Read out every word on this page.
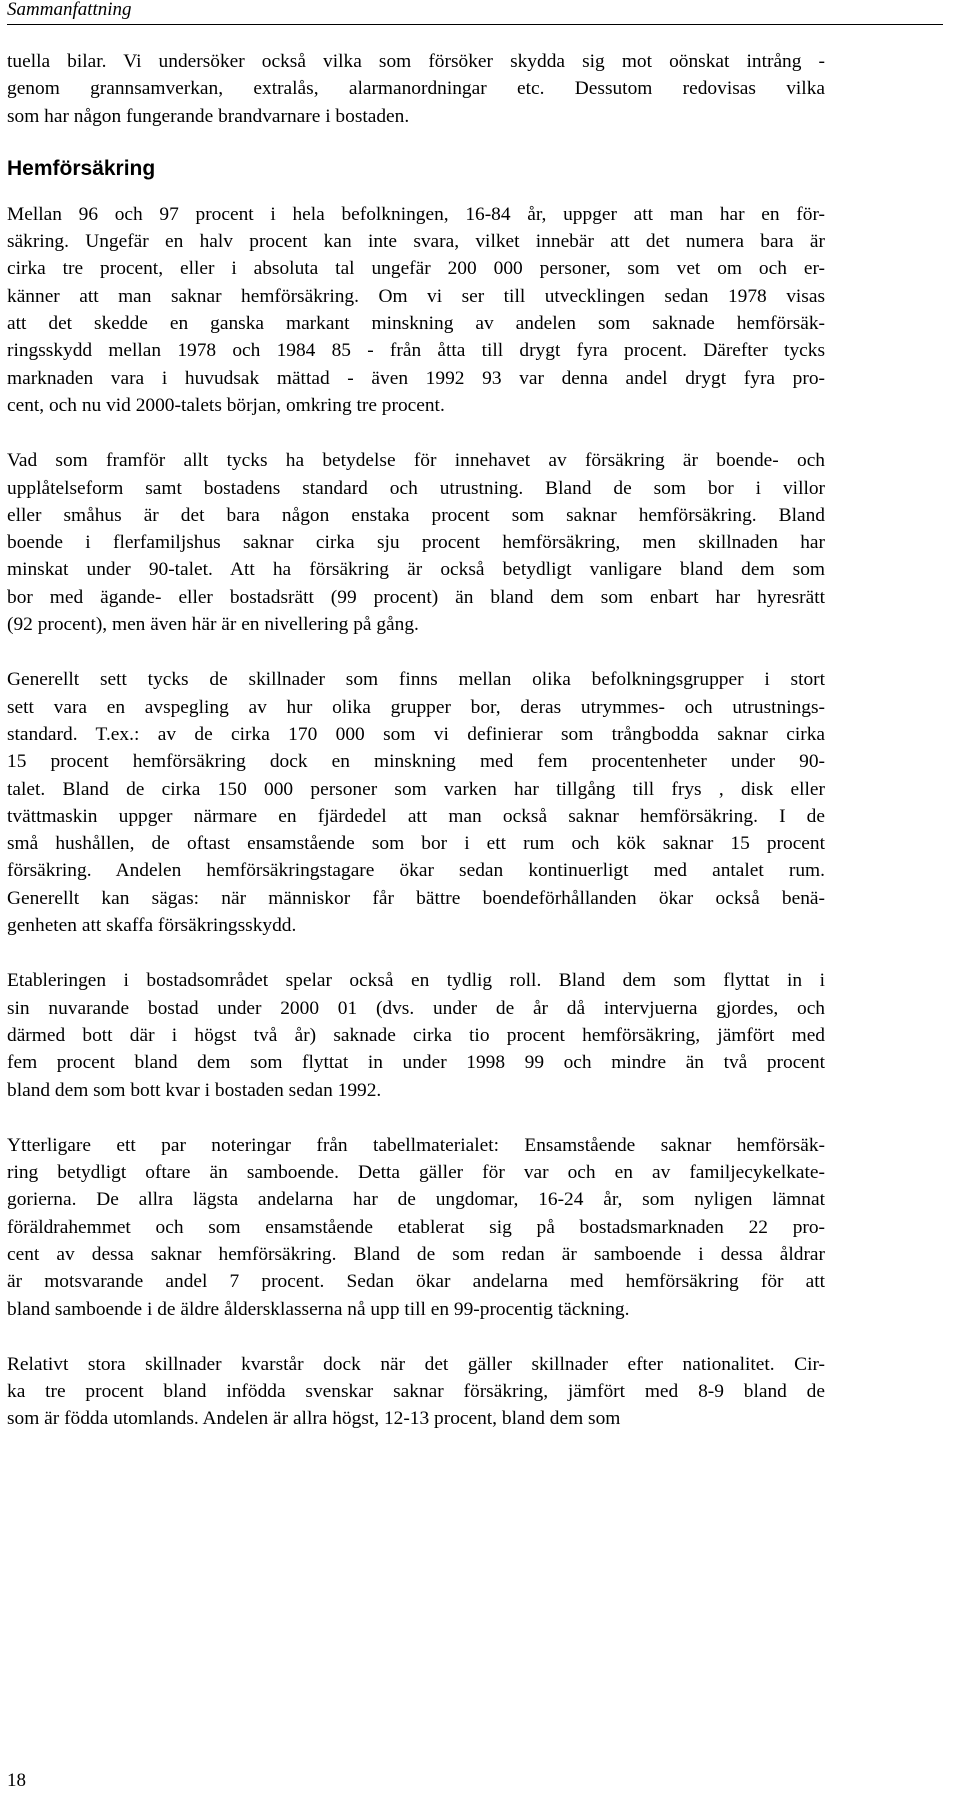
Sammanfattning

tuella bilar. Vi undersöker också vilka som försöker skydda sig mot oönskat intrång -
genom grannsamverkan, extralås, alarmanordningar etc. Dessutom redovisas vilka
som har någon fungerande brandvarnare i bostaden.

Hemförsäkring

Mellan 96 och 97 procent i hela befolkningen, 16-84 år, uppger att man har en för-
säkring. Ungefär en halv procent kan inte svara, vilket innebär att det numera bara är
cirka tre procent, eller i absoluta tal ungefär 200 000 personer, som vet om och er-
känner att man saknar hemförsäkring. Om vi ser till utvecklingen sedan 1978 visas
att det skedde en ganska markant minskning av andelen som saknade hemförsäk-
ringsskydd mellan 1978 och 1984 85 - från åtta till drygt fyra procent. Därefter tycks
marknaden vara i huvudsak mättad - även 1992 93 var denna andel drygt fyra pro-
cent, och nu vid 2000-talets början, omkring tre procent.

Vad som framför allt tycks ha betydelse för innehavet av försäkring är boende- och
upplåtelseform samt bostadens standard och utrustning. Bland de som bor i villor
eller småhus är det bara någon enstaka procent som saknar hemförsäkring. Bland
boende i flerfamiljshus saknar cirka sju procent hemförsäkring, men skillnaden har
minskat under 90-talet. Att ha försäkring är också betydligt vanligare bland dem som
bor med ägande- eller bostadsrätt (99 procent) än bland dem som enbart har hyresrätt
(92 procent), men även här är en nivellering på gång.

Generellt sett tycks de skillnader som finns mellan olika befolkningsgrupper i stort
sett vara en avspegling av hur olika grupper bor, deras utrymmes- och utrustnings-
standard. T.ex.: av de cirka 170 000 som vi definierar som trångbodda saknar cirka
15 procent hemförsäkring dock en minskning med fem procentenheter under 90-
talet. Bland de cirka 150 000 personer som varken har tillgång till frys , disk eller
tvättmaskin uppger närmare en fjärdedel att man också saknar hemförsäkring. I de
små hushållen, de oftast ensamstående som bor i ett rum och kök saknar 15 procent
försäkring. Andelen hemförsäkringstagare ökar sedan kontinuerligt med antalet rum.
Generellt kan sägas: när människor får bättre boendeförhållanden ökar också benä-
genheten att skaffa försäkringsskydd.

Etableringen i bostadsområdet spelar också en tydlig roll. Bland dem som flyttat in i
sin nuvarande bostad under 2000 01 (dvs. under de år då intervjuerna gjordes, och
därmed bott där i högst två år) saknade cirka tio procent hemförsäkring, jämfört med
fem procent bland dem som flyttat in under 1998 99 och mindre än två procent
bland dem som bott kvar i bostaden sedan 1992.

Ytterligare ett par noteringar från tabellmaterialet: Ensamstående saknar hemförsäk-
ring betydligt oftare än samboende. Detta gäller för var och en av familjecykelkate-
gorierna. De allra lägsta andelarna har de ungdomar, 16-24 år, som nyligen lämnat
föräldrahemmet och som ensamstående etablerat sig på bostadsmarknaden 22 pro-
cent av dessa saknar hemförsäkring. Bland de som redan är samboende i dessa åldrar
är motsvarande andel 7 procent. Sedan ökar andelarna med hemförsäkring för att
bland samboende i de äldre åldersklasserna nå upp till en 99-procentig täckning.

Relativt stora skillnader kvarstår dock när det gäller skillnader efter nationalitet. Cir-
ka tre procent bland infödda svenskar saknar försäkring, jämfört med 8-9 bland de
som är födda utomlands. Andelen är allra högst, 12-13 procent, bland dem som

18
